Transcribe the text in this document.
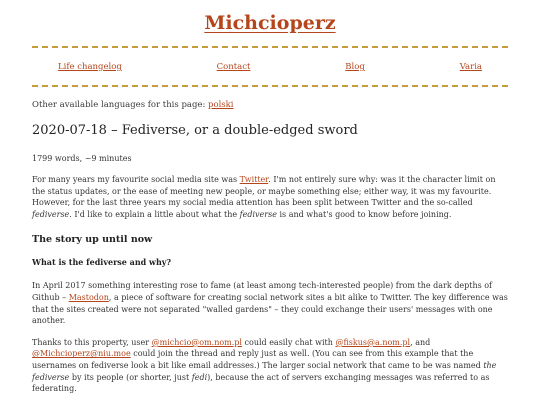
Michcioperz
Life changelog	Contact	Blog	Varia
Other available languages for this page: polski
2020-07-18 – Fediverse, or a double-edged sword
1799 words, ~9 minutes

For many years my favourite social media site was Twitter. I'm not entirely sure why: was it the character limit on the status updates, or the ease of meeting new people, or maybe something else; either way, it was my favourite. However, for the last three years my social media attention has been split between Twitter and the so-called fediverse. I'd like to explain a little about what the fediverse is and what's good to know before joining.

The story up until now
What is the fediverse and why?

In April 2017 something interesting rose to fame (at least among tech-interested people) from the dark depths of Github – Mastodon, a piece of software for creating social network sites a bit alike to Twitter. The key difference was that the sites created were not separated "walled gardens" – they could exchange their users' messages with one another.

Thanks to this property, user @michcio@om.nom.pl could easily chat with @fiskus@a.nom.pl, and @Michcioperz@niu.moe could join the thread and reply just as well. (You can see from this example that the usernames on fediverse look a bit like email addresses.) The larger social network that came to be was named the fediverse by its people (or shorter, just fedi), because the act of servers exchanging messages was referred to as federating.
